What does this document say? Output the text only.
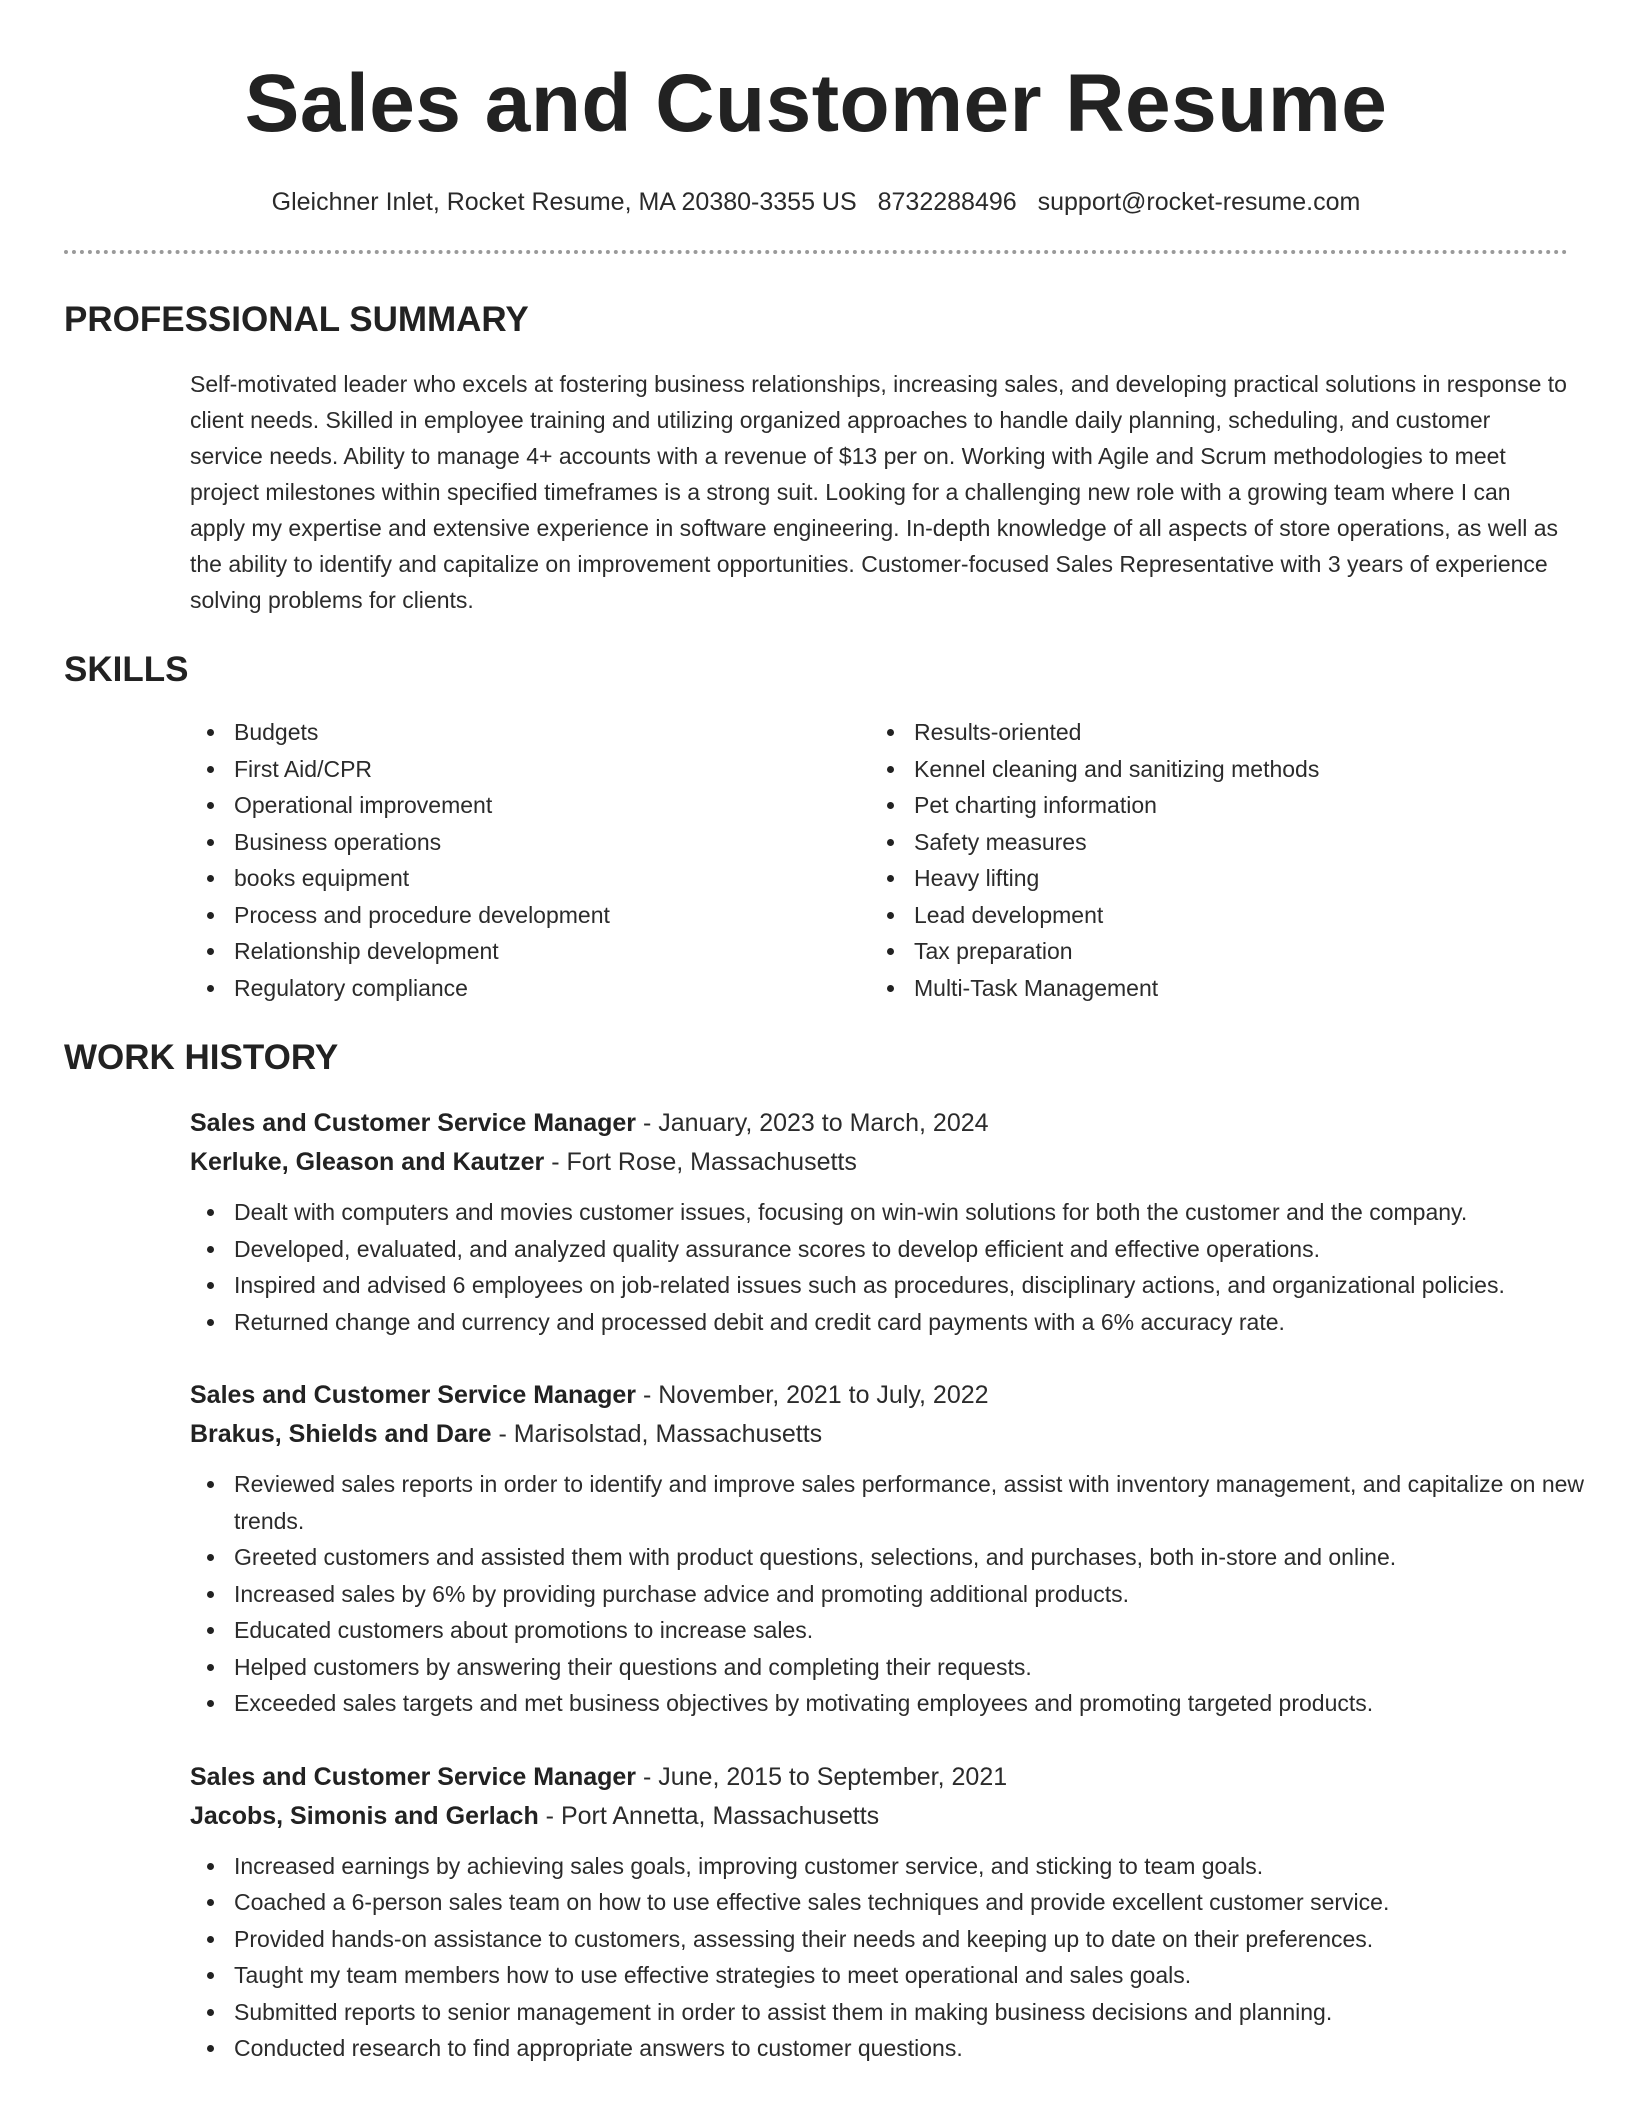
Sales and Customer Resume
Gleichner Inlet, Rocket Resume, MA 20380-3355 US 8732288496 support@rocket-resume.com
PROFESSIONAL SUMMARY
Self-motivated leader who excels at fostering business relationships, increasing sales, and developing practical solutions in response to client needs. Skilled in employee training and utilizing organized approaches to handle daily planning, scheduling, and customer service needs. Ability to manage 4+ accounts with a revenue of $13 per on. Working with Agile and Scrum methodologies to meet project milestones within specified timeframes is a strong suit. Looking for a challenging new role with a growing team where I can apply my expertise and extensive experience in software engineering. In-depth knowledge of all aspects of store operations, as well as the ability to identify and capitalize on improvement opportunities. Customer-focused Sales Representative with 3 years of experience solving problems for clients.
SKILLS
Budgets
First Aid/CPR
Operational improvement
Business operations
books equipment
Process and procedure development
Relationship development
Regulatory compliance
Results-oriented
Kennel cleaning and sanitizing methods
Pet charting information
Safety measures
Heavy lifting
Lead development
Tax preparation
Multi-Task Management
WORK HISTORY
Sales and Customer Service Manager - January, 2023 to March, 2024
Kerluke, Gleason and Kautzer - Fort Rose, Massachusetts
Dealt with computers and movies customer issues, focusing on win-win solutions for both the customer and the company.
Developed, evaluated, and analyzed quality assurance scores to develop efficient and effective operations.
Inspired and advised 6 employees on job-related issues such as procedures, disciplinary actions, and organizational policies.
Returned change and currency and processed debit and credit card payments with a 6% accuracy rate.
Sales and Customer Service Manager - November, 2021 to July, 2022
Brakus, Shields and Dare - Marisolstad, Massachusetts
Reviewed sales reports in order to identify and improve sales performance, assist with inventory management, and capitalize on new trends.
Greeted customers and assisted them with product questions, selections, and purchases, both in-store and online.
Increased sales by 6% by providing purchase advice and promoting additional products.
Educated customers about promotions to increase sales.
Helped customers by answering their questions and completing their requests.
Exceeded sales targets and met business objectives by motivating employees and promoting targeted products.
Sales and Customer Service Manager - June, 2015 to September, 2021
Jacobs, Simonis and Gerlach - Port Annetta, Massachusetts
Increased earnings by achieving sales goals, improving customer service, and sticking to team goals.
Coached a 6-person sales team on how to use effective sales techniques and provide excellent customer service.
Provided hands-on assistance to customers, assessing their needs and keeping up to date on their preferences.
Taught my team members how to use effective strategies to meet operational and sales goals.
Submitted reports to senior management in order to assist them in making business decisions and planning.
Conducted research to find appropriate answers to customer questions.
